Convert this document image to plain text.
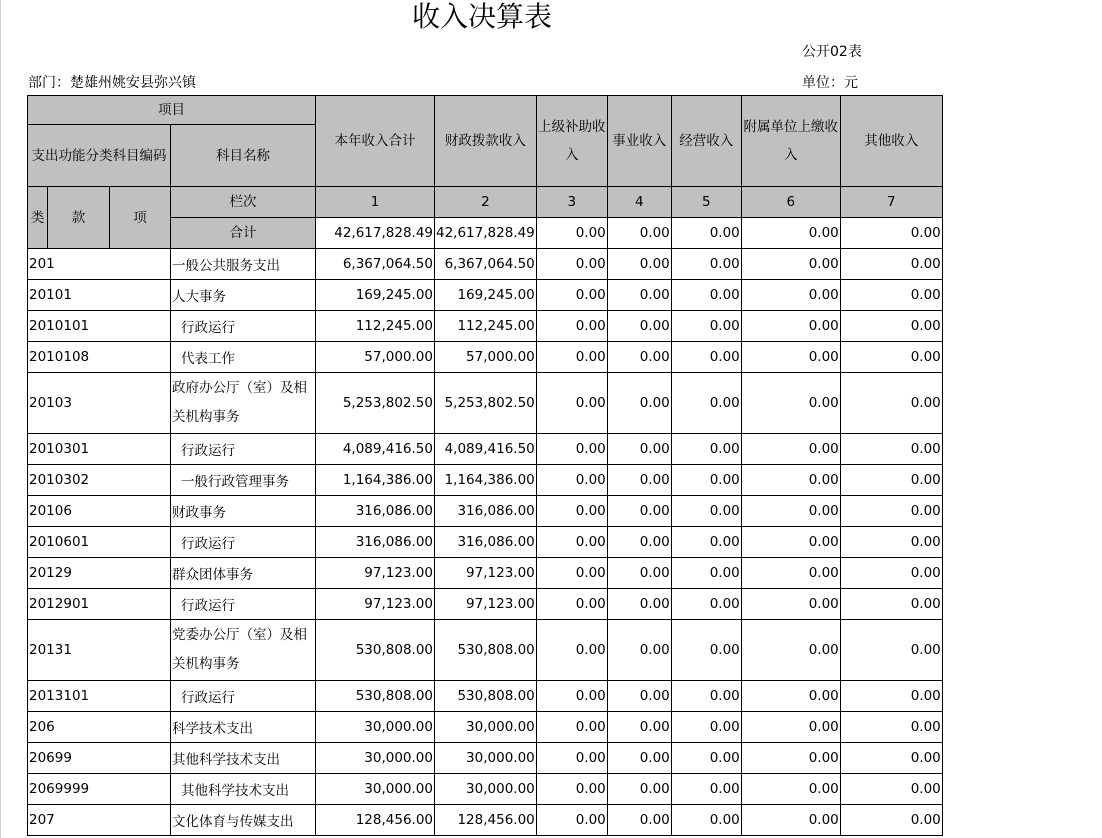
收入决算表
公开02表
部门：楚雄州姚安县弥兴镇	单位：元
项目				本年收入合计	财政拨款收入	上级补助收入	事业收入	经营收入	附属单位上缴收入	其他收入
支出功能分类科目编码			科目名称							

类	款	项	栏次	1	2	3	4	5	6	7
			合计	42,617,828.49	42,617,828.49	0.00	0.00	0.00	0.00	0.00
201			一般公共服务支出	6,367,064.50	6,367,064.50	0.00	0.00	0.00	0.00	0.00
20101			人大事务	169,245.00	169,245.00	0.00	0.00	0.00	0.00	0.00
2010101			行政运行	112,245.00	112,245.00	0.00	0.00	0.00	0.00	0.00
2010108			代表工作	57,000.00	57,000.00	0.00	0.00	0.00	0.00	0.00
20103			政府办公厅（室）及相关机构事务	5,253,802.50	5,253,802.50	0.00	0.00	0.00	0.00	0.00
2010301			行政运行	4,089,416.50	4,089,416.50	0.00	0.00	0.00	0.00	0.00
2010302			一般行政管理事务	1,164,386.00	1,164,386.00	0.00	0.00	0.00	0.00	0.00
20106			财政事务	316,086.00	316,086.00	0.00	0.00	0.00	0.00	0.00
2010601			行政运行	316,086.00	316,086.00	0.00	0.00	0.00	0.00	0.00
20129			群众团体事务	97,123.00	97,123.00	0.00	0.00	0.00	0.00	0.00
2012901			行政运行	97,123.00	97,123.00	0.00	0.00	0.00	0.00	0.00
20131			党委办公厅（室）及相关机构事务	530,808.00	530,808.00	0.00	0.00	0.00	0.00	0.00
2013101			行政运行	530,808.00	530,808.00	0.00	0.00	0.00	0.00	0.00
206			科学技术支出	30,000.00	30,000.00	0.00	0.00	0.00	0.00	0.00
20699			其他科学技术支出	30,000.00	30,000.00	0.00	0.00	0.00	0.00	0.00
2069999			其他科学技术支出	30,000.00	30,000.00	0.00	0.00	0.00	0.00	0.00
207			文化体育与传媒支出	128,456.00	128,456.00	0.00	0.00	0.00	0.00	0.00
